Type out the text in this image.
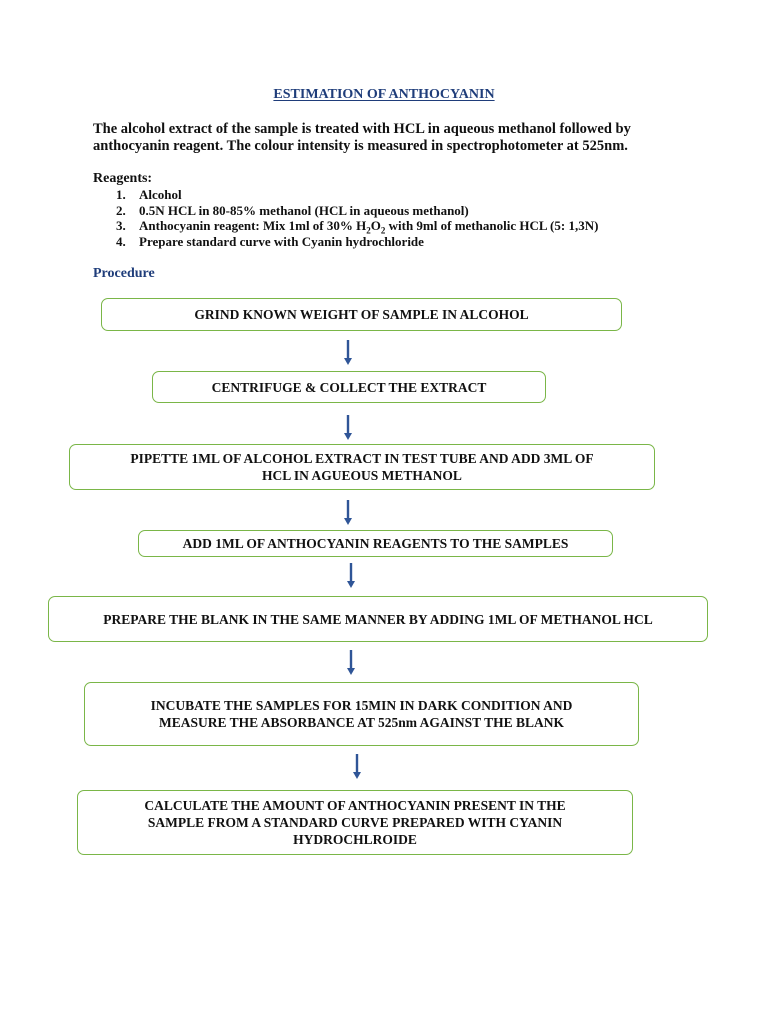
ESTIMATION OF ANTHOCYANIN
The alcohol extract of the sample is treated with HCL in aqueous methanol followed by
anthocyanin reagent. The colour intensity is measured in spectrophotometer at 525nm.
Reagents:
1.	Alcohol
2.	0.5N HCL in 80-85% methanol (HCL in aqueous methanol)
3.	Anthocyanin reagent: Mix 1ml of 30% $H_2O_2$ with 9ml of methanolic HCL (5: 1,3N)
4.	Prepare standard curve with Cyanin hydrochloride
Procedure
GRIND KNOWN WEIGHT OF SAMPLE IN ALCOHOL
CENTRIFUGE & COLLECT THE EXTRACT
PIPETTE 1ML OF ALCOHOL EXTRACT IN TEST TUBE AND ADD 3ML OF
HCL IN AGUEOUS METHANOL
ADD 1ML OF ANTHOCYANIN REAGENTS TO THE SAMPLES
PREPARE THE BLANK IN THE SAME MANNER BY ADDING 1ML OF METHANOL HCL
INCUBATE THE SAMPLES FOR 15MIN IN DARK CONDITION AND
MEASURE THE ABSORBANCE AT 525nm AGAINST THE BLANK
CALCULATE THE AMOUNT OF ANTHOCYANIN PRESENT IN THE
SAMPLE FROM A STANDARD CURVE PREPARED WITH CYANIN
HYDROCHLROIDE
